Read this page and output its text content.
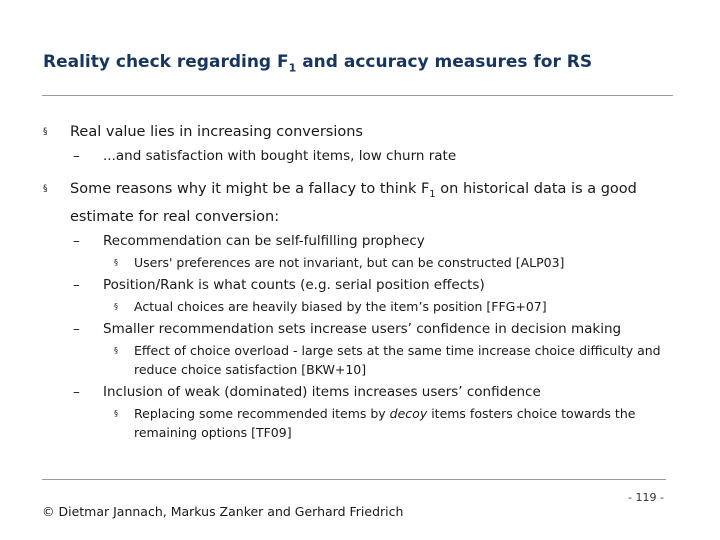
Reality check regarding $F_1$ and accuracy measures for RS
§ Real value lies in increasing conversions
– ...and satisfaction with bought items, low churn rate
§ Some reasons why it might be a fallacy to think $F_1$ on historical data is a good estimate for real conversion:
– Recommendation can be self-fulfilling prophecy
§ Users' preferences are not invariant, but can be constructed [ALP03]
– Position/Rank is what counts (e.g. serial position effects)
§ Actual choices are heavily biased by the item’s position [FFG+07]
– Smaller recommendation sets increase users’ confidence in decision making
§ Effect of choice overload - large sets at the same time increase choice difficulty and reduce choice satisfaction [BKW+10]
– Inclusion of weak (dominated) items increases users’ confidence
§ Replacing some recommended items by decoy items fosters choice towards the remaining options [TF09]
© Dietmar Jannach, Markus Zanker and Gerhard Friedrich
- 119 -
